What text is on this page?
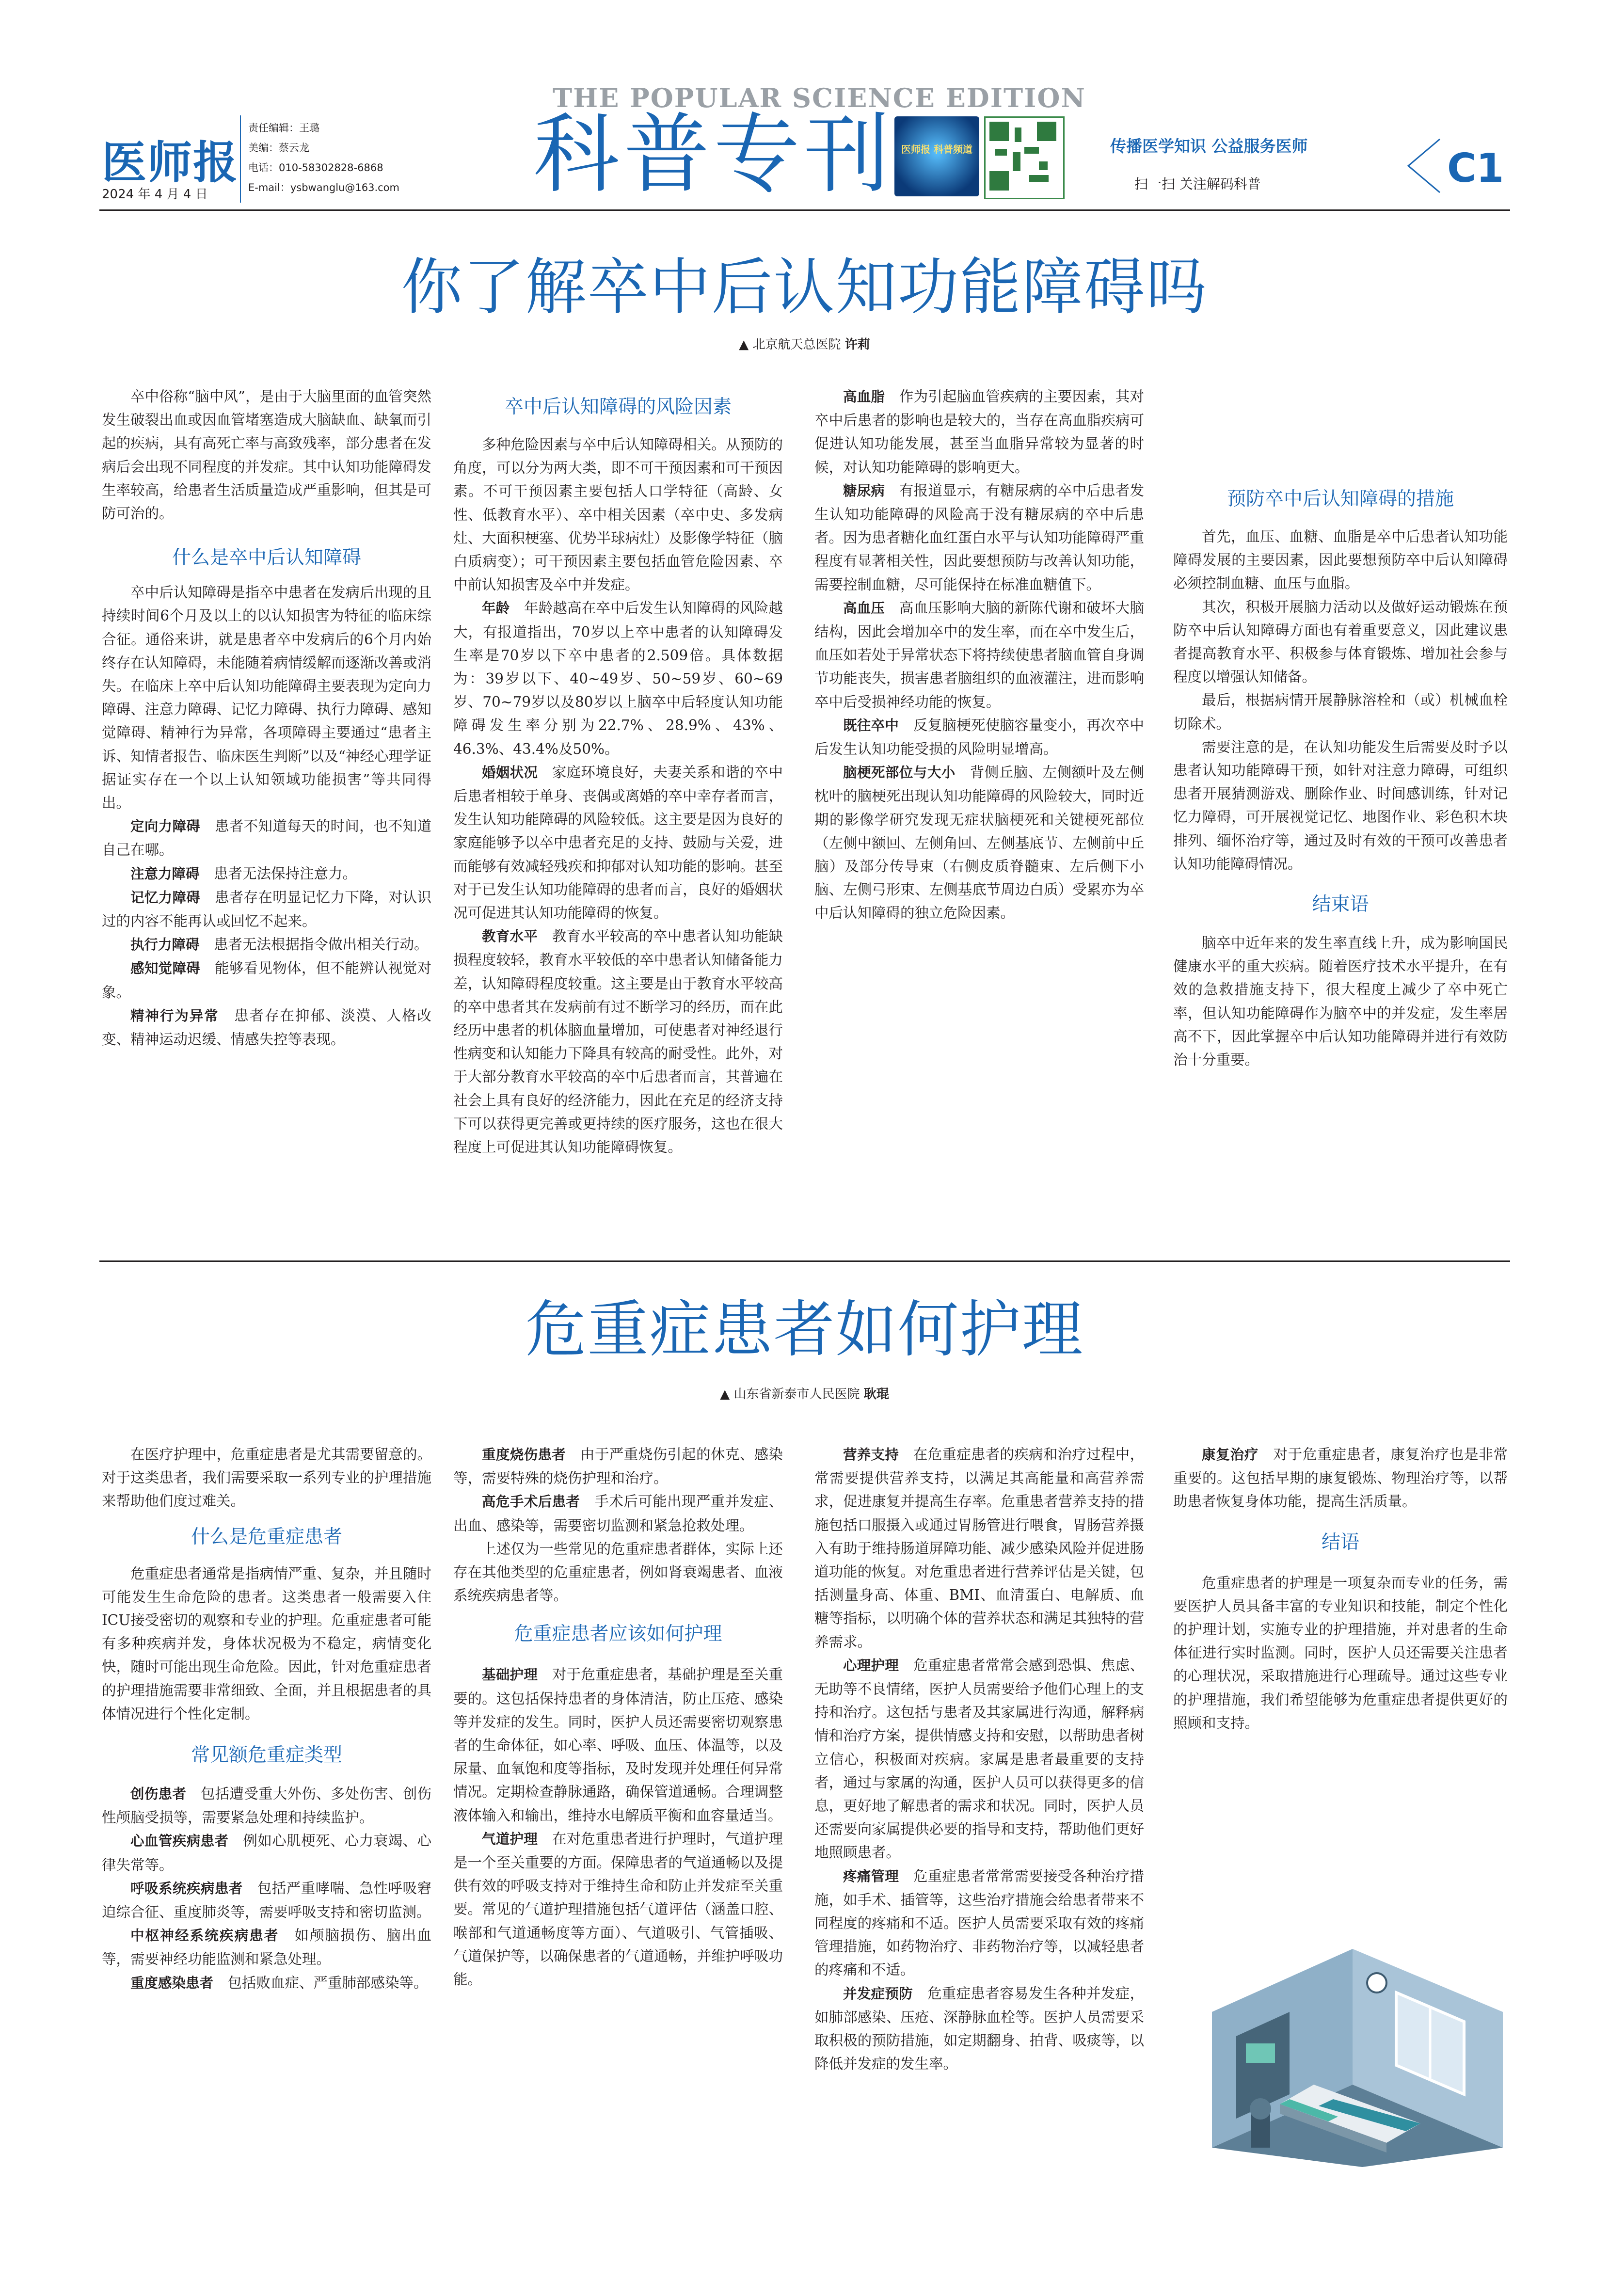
医师报
2024 年 4 月 4 日
责任编辑：王璐
美编：蔡云龙
电话：010-58302828-6868
E-mail：ysbwanglu@163.com
THE POPULAR SCIENCE EDITION
科普专刊 医师报 科普频道	传播医学知识 公益服务医师
扫一扫 关注解码科普	C1
你了解卒中后认知功能障碍吗
▲ 北京航天总医院 许莉

卒中俗称“脑中风”，是由于大脑里面的血管突然发生破裂出血或因血管堵塞造成大脑缺血、缺氧而引起的疾病，具有高死亡率与高致残率，部分患者在发病后会出现不同程度的并发症。其中认知功能障碍发生率较高，给患者生活质量造成严重影响，但其是可防可治的。

什么是卒中后认知障碍

卒中后认知障碍是指卒中患者在发病后出现的且持续时间6个月及以上的以认知损害为特征的临床综合征。通俗来讲，就是患者卒中发病后的6个月内始终存在认知障碍，未能随着病情缓解而逐渐改善或消失。在临床上卒中后认知功能障碍主要表现为定向力障碍、注意力障碍、记忆力障碍、执行力障碍、感知觉障碍、精神行为异常，各项障碍主要通过“患者主诉、知情者报告、临床医生判断”以及“神经心理学证据证实存在一个以上认知领域功能损害”等共同得出。

定向力障碍　 患者不知道每天的时间，也不知道自己在哪。

注意力障碍　 患者无法保持注意力。

记忆力障碍　 患者存在明显记忆力下降，对认识过的内容不能再认或回忆不起来。

执行力障碍　 患者无法根据指令做出相关行动。

感知觉障碍　 能够看见物体，但不能辨认视觉对象。

精神行为异常　 患者存在抑郁、淡漠、人格改变、精神运动迟缓、情感失控等表现。

卒中后认知障碍的风险因素

多种危险因素与卒中后认知障碍相关。从预防的角度，可以分为两大类，即不可干预因素和可干预因素。不可干预因素主要包括人口学特征（高龄、女性、低教育水平）、卒中相关因素（卒中史、多发病灶、大面积梗塞、优势半球病灶）及影像学特征（脑白质病变）；可干预因素主要包括血管危险因素、卒中前认知损害及卒中并发症。

年龄　 年龄越高在卒中后发生认知障碍的风险越大，有报道指出，70岁以上卒中患者的认知障碍发生率是70岁以下卒中患者的2.509倍。具体数据为：39岁以下、40~49岁、50~59岁、60~69岁、70~79岁以及80岁以上脑卒中后轻度认知功能障碍发生率分别为22.7%、28.9%、43%、46.3%、43.4%及50%。

婚姻状况　 家庭环境良好，夫妻关系和谐的卒中后患者相较于单身、丧偶或离婚的卒中幸存者而言，发生认知功能障碍的风险较低。这主要是因为良好的家庭能够予以卒中患者充足的支持、鼓励与关爱，进而能够有效减轻残疾和抑郁对认知功能的影响。甚至对于已发生认知功能障碍的患者而言，良好的婚姻状况可促进其认知功能障碍的恢复。

教育水平　 教育水平较高的卒中患者认知功能缺损程度较轻，教育水平较低的卒中患者认知储备能力差，认知障碍程度较重。这主要是由于教育水平较高的卒中患者其在发病前有过不断学习的经历，而在此经历中患者的机体脑血量增加，可使患者对神经退行性病变和认知能力下降具有较高的耐受性。此外，对于大部分教育水平较高的卒中后患者而言，其普遍在社会上具有良好的经济能力，因此在充足的经济支持下可以获得更完善或更持续的医疗服务，这也在很大程度上可促进其认知功能障碍恢复。

高血脂　 作为引起脑血管疾病的主要因素，其对卒中后患者的影响也是较大的，当存在高血脂疾病可促进认知功能发展，甚至当血脂异常较为显著的时候，对认知功能障碍的影响更大。

糖尿病　 有报道显示，有糖尿病的卒中后患者发生认知功能障碍的风险高于没有糖尿病的卒中后患者。因为患者糖化血红蛋白水平与认知功能障碍严重程度有显著相关性，因此要想预防与改善认知功能，需要控制血糖，尽可能保持在标准血糖值下。

高血压　 高血压影响大脑的新陈代谢和破坏大脑结构，因此会增加卒中的发生率，而在卒中发生后，血压如若处于异常状态下将持续使患者脑血管自身调节功能丧失，损害患者脑组织的血液灌注，进而影响卒中后受损神经功能的恢复。

既往卒中　 反复脑梗死使脑容量变小，再次卒中后发生认知功能受损的风险明显增高。

脑梗死部位与大小　 背侧丘脑、左侧额叶及左侧枕叶的脑梗死出现认知功能障碍的风险较大，同时近期的影像学研究发现无症状脑梗死和关键梗死部位（左侧中额回、左侧角回、左侧基底节、左侧前中丘脑）及部分传导束（右侧皮质脊髓束、左后侧下小脑、左侧弓形束、左侧基底节周边白质）受累亦为卒中后认知障碍的独立危险因素。

预防卒中后认知障碍的措施

首先，血压、血糖、血脂是卒中后患者认知功能障碍发展的主要因素，因此要想预防卒中后认知障碍必须控制血糖、血压与血脂。

其次，积极开展脑力活动以及做好运动锻炼在预防卒中后认知障碍方面也有着重要意义，因此建议患者提高教育水平、积极参与体育锻炼、增加社会参与程度以增强认知储备。

最后，根据病情开展静脉溶栓和（或）机械血栓切除术。

需要注意的是，在认知功能发生后需要及时予以患者认知功能障碍干预，如针对注意力障碍，可组织患者开展猜测游戏、删除作业、时间感训练，针对记忆力障碍，可开展视觉记忆、地图作业、彩色积木块排列、缅怀治疗等，通过及时有效的干预可改善患者认知功能障碍情况。

结束语

脑卒中近年来的发生率直线上升，成为影响国民健康水平的重大疾病。随着医疗技术水平提升，在有效的急救措施支持下，很大程度上减少了卒中死亡率，但认知功能障碍作为脑卒中的并发症，发生率居高不下，因此掌握卒中后认知功能障碍并进行有效防治十分重要。

危重症患者如何护理
▲ 山东省新泰市人民医院 耿琨

在医疗护理中，危重症患者是尤其需要留意的。对于这类患者，我们需要采取一系列专业的护理措施来帮助他们度过难关。

什么是危重症患者

危重症患者通常是指病情严重、复杂，并且随时可能发生生命危险的患者。这类患者一般需要入住ICU接受密切的观察和专业的护理。危重症患者可能有多种疾病并发，身体状况极为不稳定，病情变化快，随时可能出现生命危险。因此，针对危重症患者的护理措施需要非常细致、全面，并且根据患者的具体情况进行个性化定制。

常见额危重症类型

创伤患者　 包括遭受重大外伤、多处伤害、创伤性颅脑受损等，需要紧急处理和持续监护。

心血管疾病患者　 例如心肌梗死、心力衰竭、心律失常等。

呼吸系统疾病患者　 包括严重哮喘、急性呼吸窘迫综合征、重度肺炎等，需要呼吸支持和密切监测。

中枢神经系统疾病患者　 如颅脑损伤、脑出血等，需要神经功能监测和紧急处理。

重度感染患者　 包括败血症、严重肺部感染等。

重度烧伤患者　 由于严重烧伤引起的休克、感染等，需要特殊的烧伤护理和治疗。

高危手术后患者　 手术后可能出现严重并发症、出血、感染等，需要密切监测和紧急抢救处理。

上述仅为一些常见的危重症患者群体，实际上还存在其他类型的危重症患者，例如肾衰竭患者、血液系统疾病患者等。

危重症患者应该如何护理

基础护理　 对于危重症患者，基础护理是至关重要的。这包括保持患者的身体清洁，防止压疮、感染等并发症的发生。同时，医护人员还需要密切观察患者的生命体征，如心率、呼吸、血压、体温等，以及尿量、血氧饱和度等指标，及时发现并处理任何异常情况。定期检查静脉通路，确保管道通畅。合理调整液体输入和输出，维持水电解质平衡和血容量适当。

气道护理　 在对危重患者进行护理时，气道护理是一个至关重要的方面。保障患者的气道通畅以及提供有效的呼吸支持对于维持生命和防止并发症至关重要。常见的气道护理措施包括气道评估（涵盖口腔、喉部和气道通畅度等方面）、气道吸引、气管插吸、气道保护等，以确保患者的气道通畅，并维护呼吸功能。

营养支持　 在危重症患者的疾病和治疗过程中，常需要提供营养支持，以满足其高能量和高营养需求，促进康复并提高生存率。危重患者营养支持的措施包括口服摄入或通过胃肠管进行喂食，胃肠营养摄入有助于维持肠道屏障功能、减少感染风险并促进肠道功能的恢复。对危重患者进行营养评估是关键，包括测量身高、体重、BMI、血清蛋白、电解质、血糖等指标，以明确个体的营养状态和满足其独特的营养需求。

心理护理　 危重症患者常常会感到恐惧、焦虑、无助等不良情绪，医护人员需要给予他们心理上的支持和治疗。这包括与患者及其家属进行沟通，解释病情和治疗方案，提供情感支持和安慰，以帮助患者树立信心，积极面对疾病。家属是患者最重要的支持者，通过与家属的沟通，医护人员可以获得更多的信息，更好地了解患者的需求和状况。同时，医护人员还需要向家属提供必要的指导和支持，帮助他们更好地照顾患者。

疼痛管理　 危重症患者常常需要接受各种治疗措施，如手术、插管等，这些治疗措施会给患者带来不同程度的疼痛和不适。医护人员需要采取有效的疼痛管理措施，如药物治疗、非药物治疗等，以减轻患者的疼痛和不适。

并发症预防　 危重症患者容易发生各种并发症，如肺部感染、压疮、深静脉血栓等。医护人员需要采取积极的预防措施，如定期翻身、拍背、吸痰等，以降低并发症的发生率。

康复治疗　 对于危重症患者，康复治疗也是非常重要的。这包括早期的康复锻炼、物理治疗等，以帮助患者恢复身体功能，提高生活质量。

结语

危重症患者的护理是一项复杂而专业的任务，需要医护人员具备丰富的专业知识和技能，制定个性化的护理计划，实施专业的护理措施，并对患者的生命体征进行实时监测。同时，医护人员还需要关注患者的心理状况，采取措施进行心理疏导。通过这些专业的护理措施，我们希望能够为危重症患者提供更好的照顾和支持。
